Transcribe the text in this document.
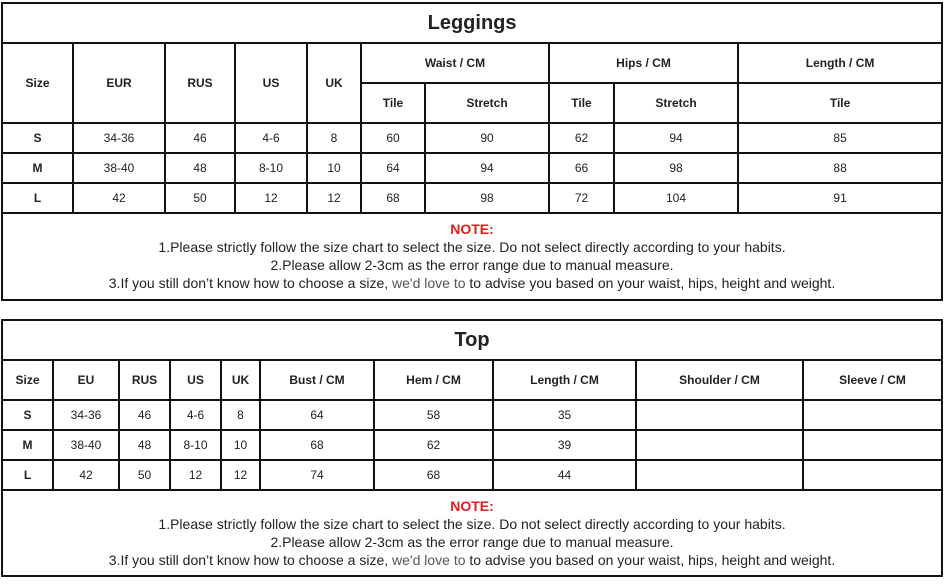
Leggings									
Size	EUR	RUS	US	UK	Waist / CM		Hips / CM		Length / CM
					Tile	Stretch	Tile	Stretch	Tile
S	34-36	46	4-6	8	60	90	62	94	85
M	38-40	48	8-10	10	64	94	66	98	88
L	42	50	12	12	68	98	72	104	91
NOTE:
1.Please strictly follow the size chart to select the size. Do not select directly according to your habits.
2.Please allow 2-3cm as the error range due to manual measure.
3.If you still don’t know how to choose a size, we'd love to to advise you based on your waist, hips, height and weight.
Top									
Size	EU	RUS	US	UK	Bust / CM	Hem / CM	Length / CM	Shoulder / CM	Sleeve / CM
S	34-36	46	4-6	8	64	58	35		
M	38-40	48	8-10	10	68	62	39		
L	42	50	12	12	74	68	44		
NOTE:
1.Please strictly follow the size chart to select the size. Do not select directly according to your habits.
2.Please allow 2-3cm as the error range due to manual measure.
3.If you still don’t know how to choose a size, we'd love to to advise you based on your waist, hips, height and weight.
